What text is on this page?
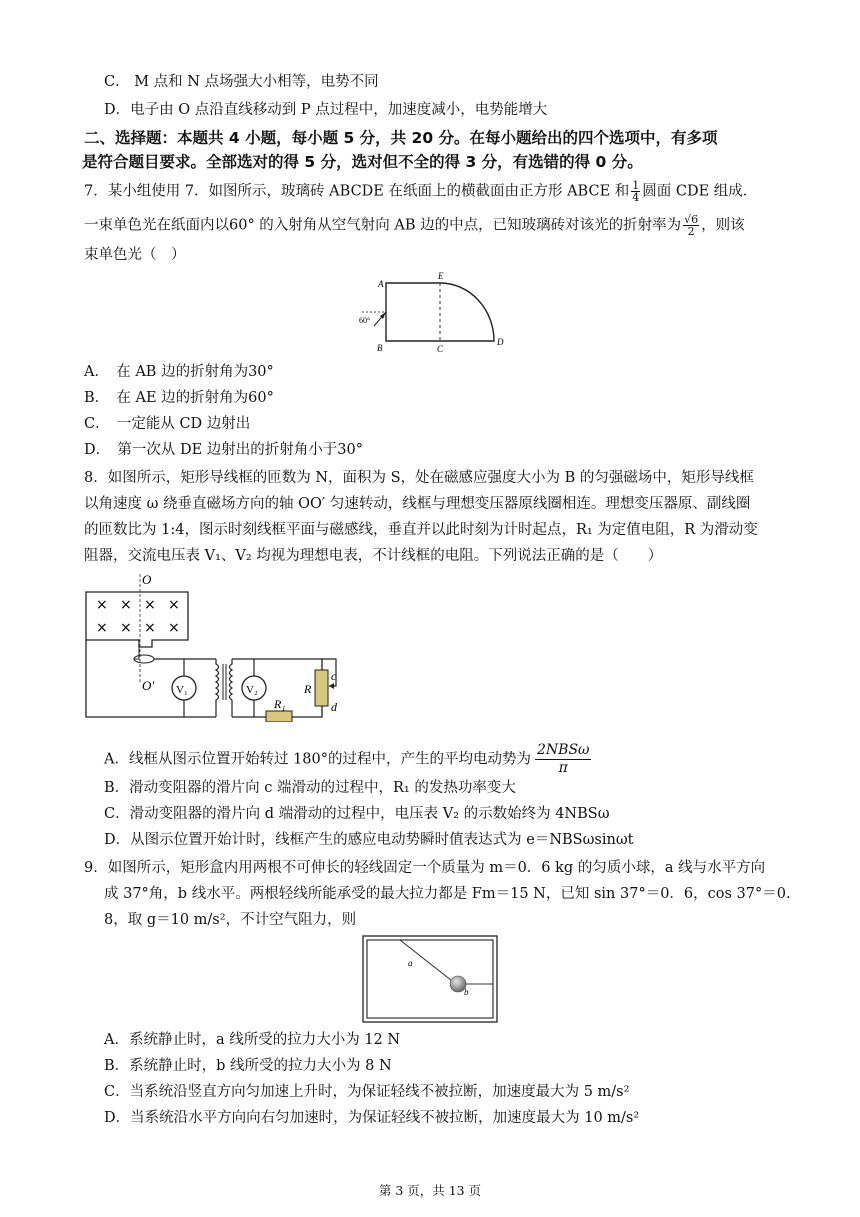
C． M 点和 N 点场强大小相等，电势不同
D．电子由 O 点沿直线移动到 P 点过程中，加速度减小，电势能增大
二、选择题：本题共 4 小题，每小题 5 分，共 20 分。在每小题给出的四个选项中，有多项
是符合题目要求。全部选对的得 5 分，选对但不全的得 3 分，有选错的得 0 分。
7．某小组使用 7．如图所示，玻璃砖 ABCDE 在纸面上的横截面由正方形 ABCE 和 $\frac{1}{4}$ 圆面 CDE 组成．
一束单色光在纸面内以60° 的入射角从空气射向 AB 边的中点，已知玻璃砖对该光的折射率为 $\frac{√6}{2}$ ，则该
束单色光（　）
A
B	C
D
E
60°
A．　在 AB 边的折射角为30°
B．　在 AE 边的折射角为60°
C．　一定能从 CD 边射出
D．　第一次从 DE 边射出的折射角小于30°
8．如图所示，矩形导线框的匝数为 N，面积为 S，处在磁感应强度大小为 B 的匀强磁场中，矩形导线框
以角速度 ω 绕垂直磁场方向的轴 OO′ 匀速转动，线框与理想变压器原线圈相连。理想变压器原、副线圈
的匝数比为 1:4，图示时刻线框平面与磁感线，垂直并以此时刻为计时起点，R₁ 为定值电阻，R 为滑动变
阻器，交流电压表 V₁、V₂ 均视为理想电表，不计线框的电阻。下列说法正确的是（　　）
× × × ×
× × × ×
O
O′ V₁	V₂
R₁
R
c
d
A．线框从图示位置开始转过 180°的过程中，产生的平均电动势为 $\frac{\text{2NBSω}}{\pi}$
B．滑动变阻器的滑片向 c 端滑动的过程中，R₁ 的发热功率变大
C．滑动变阻器的滑片向 d 端滑动的过程中，电压表 V₂ 的示数始终为 4NBSω
D．从图示位置开始计时，线框产生的感应电动势瞬时值表达式为 e＝NBSωsinωt
9．如图所示，矩形盒内用两根不可伸长的轻线固定一个质量为 m＝0．6 kg 的匀质小球，a 线与水平方向
成 37°角，b 线水平。两根轻线所能承受的最大拉力都是 Fm＝15 N，已知 sin 37°＝0．6，cos 37°＝0．
8，取 g＝10 m/s²，不计空气阻力，则
a
b
A．系统静止时，a 线所受的拉力大小为 12 N
B．系统静止时，b 线所受的拉力大小为 8 N
C．当系统沿竖直方向匀加速上升时，为保证轻线不被拉断，加速度最大为 5 m/s²
D．当系统沿水平方向向右匀加速时，为保证轻线不被拉断，加速度最大为 10 m/s²
第 3 页，共 13 页
